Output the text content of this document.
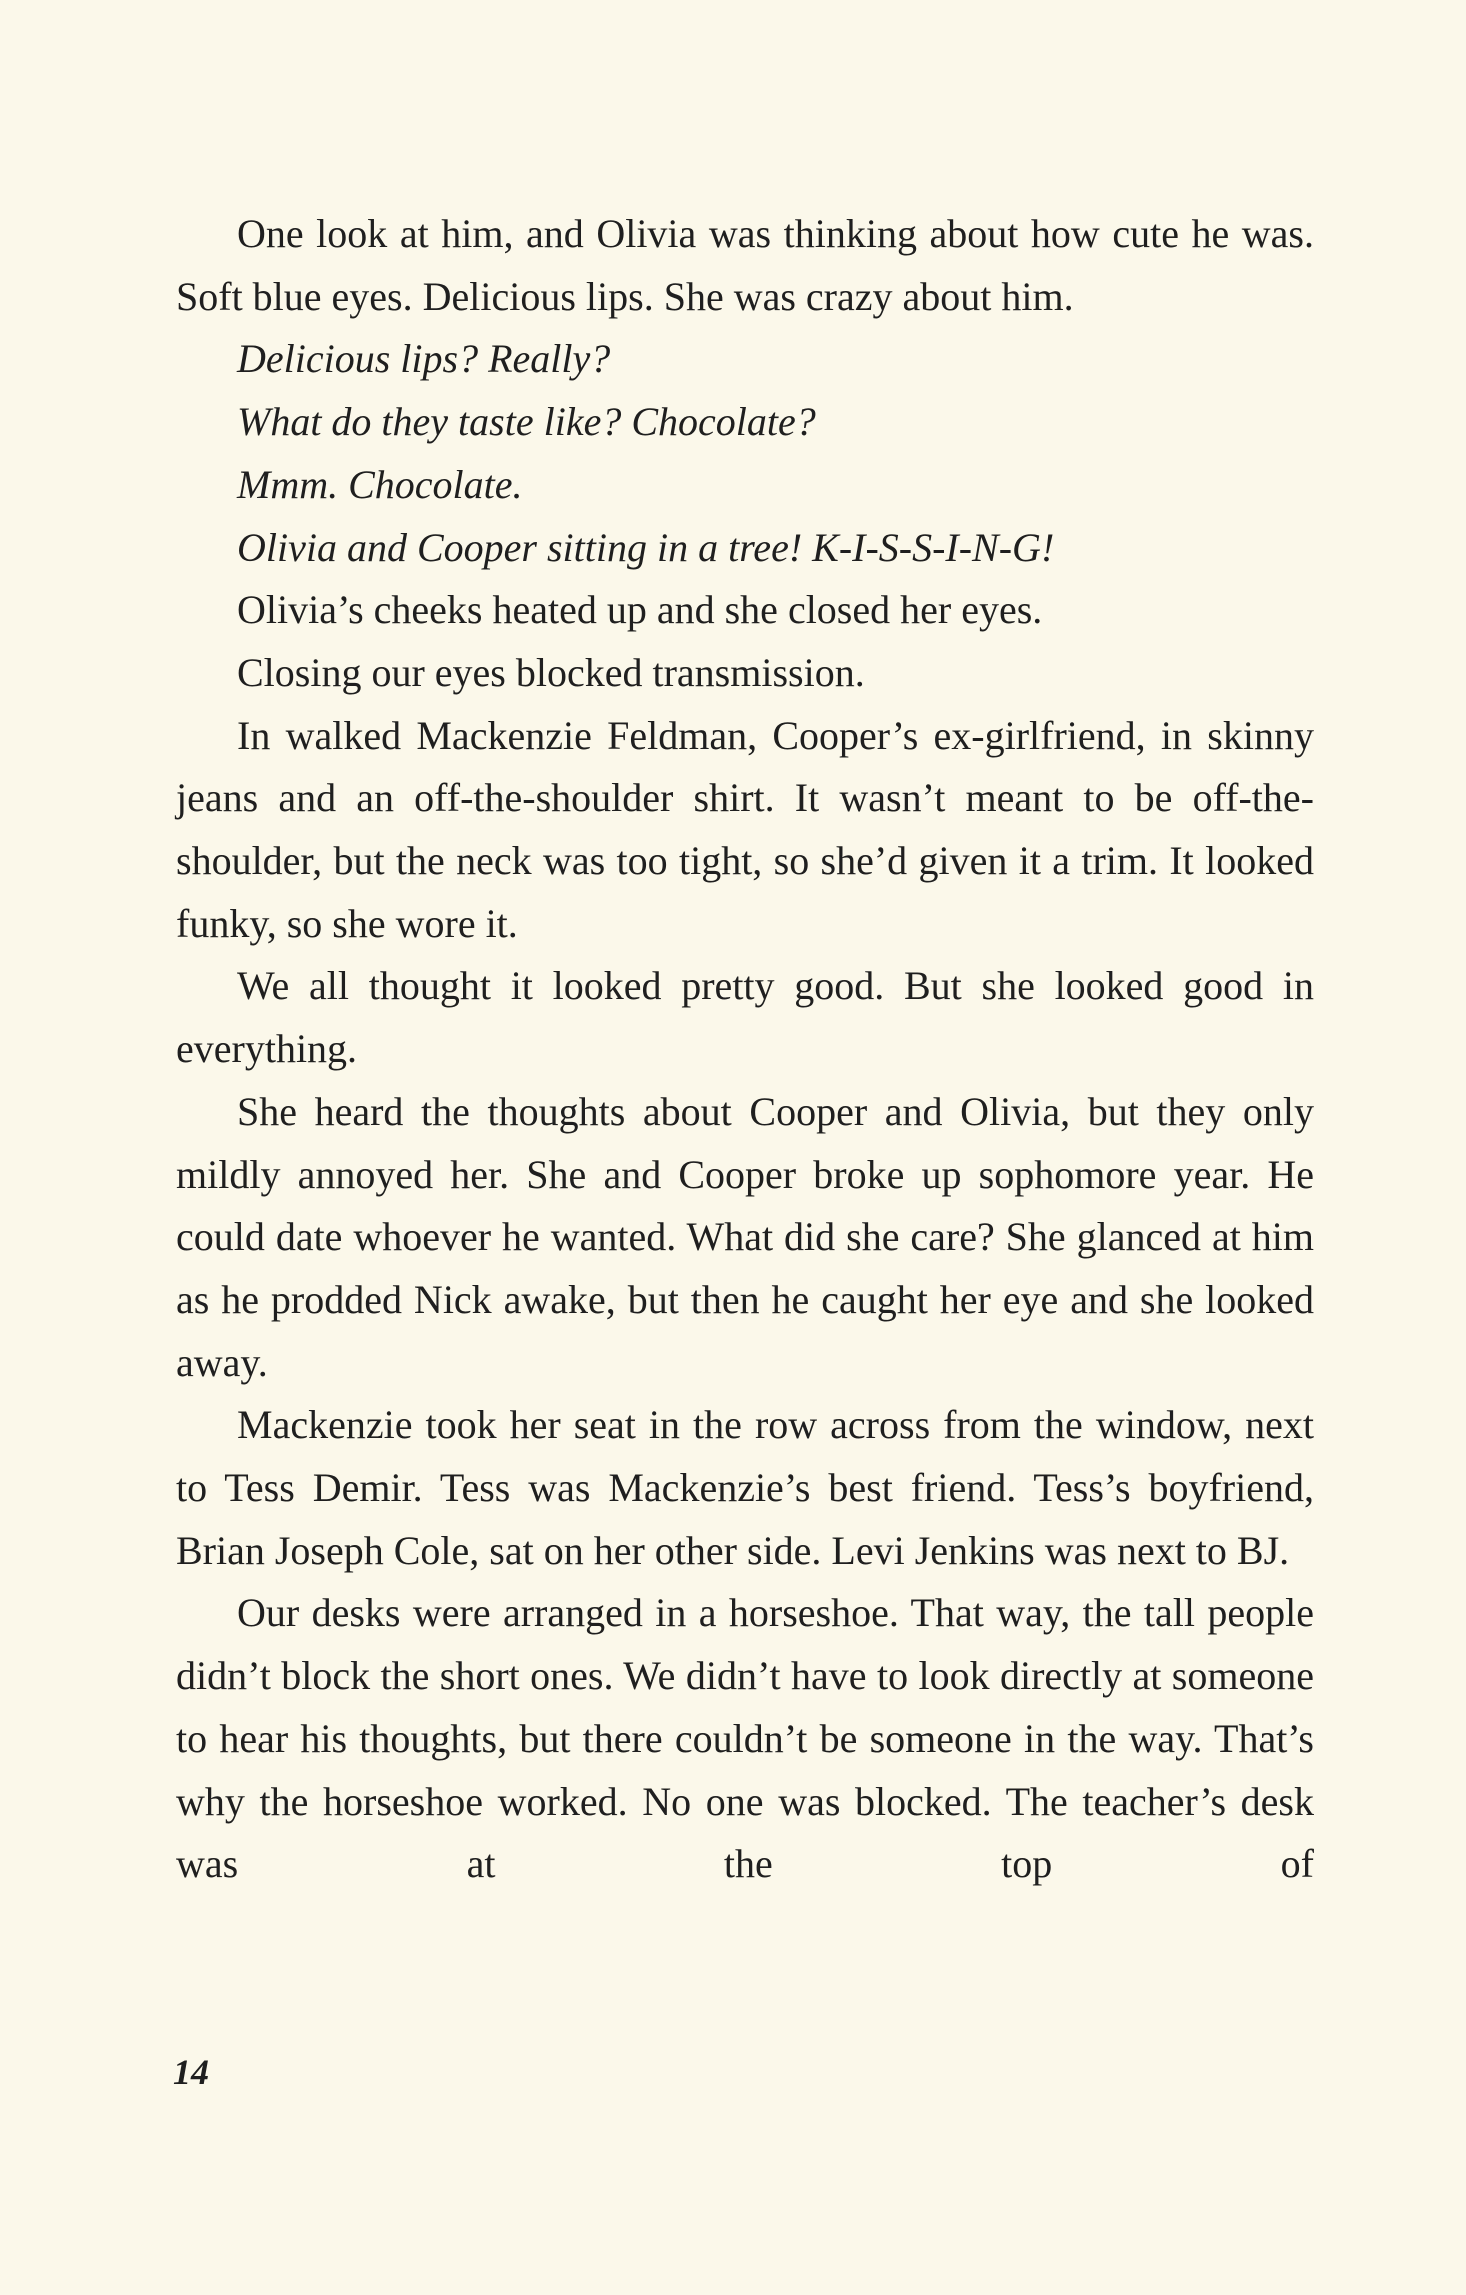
One look at him, and Olivia was thinking about how cute he was. Soft blue eyes. Delicious lips. She was crazy about him.

Delicious lips? Really?

What do they taste like? Chocolate?

Mmm. Chocolate.

Olivia and Cooper sitting in a tree! K-I-S-S-I-N-G!

Olivia’s cheeks heated up and she closed her eyes.

Closing our eyes blocked transmission.

In walked Mackenzie Feldman, Cooper’s ex-girlfriend, in skinny jeans and an off-the-shoulder shirt. It wasn’t meant to be off-the-shoulder, but the neck was too tight, so she’d given it a trim. It looked funky, so she wore it.

We all thought it looked pretty good. But she looked good in everything.

She heard the thoughts about Cooper and Olivia, but they only mildly annoyed her. She and Cooper broke up sophomore year. He could date whoever he wanted. What did she care? She glanced at him as he prodded Nick awake, but then he caught her eye and she looked away.

Mackenzie took her seat in the row across from the window, next to Tess Demir. Tess was Mackenzie’s best friend. Tess’s boyfriend, Brian Joseph Cole, sat on her other side. Levi Jenkins was next to BJ.

Our desks were arranged in a horseshoe. That way, the tall people didn’t block the short ones. We didn’t have to look directly at someone to hear his thoughts, but there couldn’t be someone in the way. That’s why the horseshoe worked. No one was blocked. The teacher’s desk was at the top of

14
